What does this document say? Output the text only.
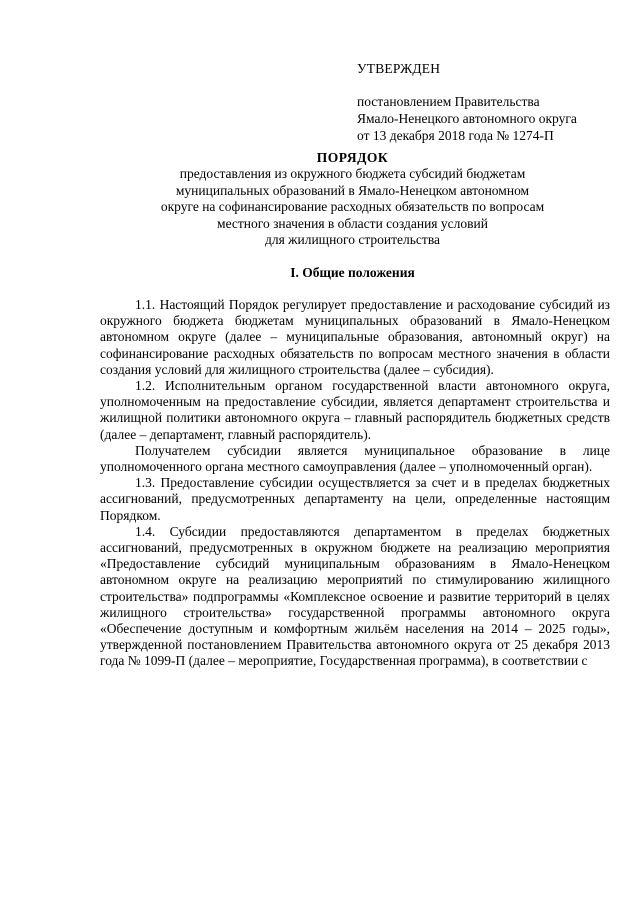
УТВЕРЖДЕН
постановлением Правительства
Ямало-Ненецкого автономного округа
от 13 декабря 2018 года № 1274-П
ПОРЯДОК
предоставления из окружного бюджета субсидий бюджетам
муниципальных образований в Ямало-Ненецком автономном
округе на софинансирование расходных обязательств по вопросам
местного значения в области создания условий
для жилищного строительства
I. Общие положения

1.1. Настоящий Порядок регулирует предоставление и расходование субсидий из окружного бюджета бюджетам муниципальных образований в Ямало-Ненецком автономном округе (далее – муниципальные образования, автономный округ) на софинансирование расходных обязательств по вопросам местного значения в области создания условий для жилищного строительства (далее – субсидия).

1.2. Исполнительным органом государственной власти автономного округа, уполномоченным на предоставление субсидии, является департамент строительства и жилищной политики автономного округа – главный распорядитель бюджетных средств (далее – департамент, главный распорядитель).

Получателем субсидии является муниципальное образование в лице уполномоченного органа местного самоуправления (далее – уполномоченный орган).

1.3. Предоставление субсидии осуществляется за счет и в пределах бюджетных ассигнований, предусмотренных департаменту на цели, определенные настоящим Порядком.

1.4. Субсидии предоставляются департаментом в пределах бюджетных ассигнований, предусмотренных в окружном бюджете на реализацию мероприятия «Предоставление субсидий муниципальным образованиям в Ямало-Ненецком автономном округе на реализацию мероприятий по стимулированию жилищного строительства» подпрограммы «Комплексное освоение и развитие территорий в целях жилищного строительства» государственной программы автономного округа «Обеспечение доступным и комфортным жильём населения на 2014 – 2025 годы», утвержденной постановлением Правительства автономного округа от 25 декабря 2013 года № 1099-П (далее – мероприятие, Государственная программа), в соответствии с
